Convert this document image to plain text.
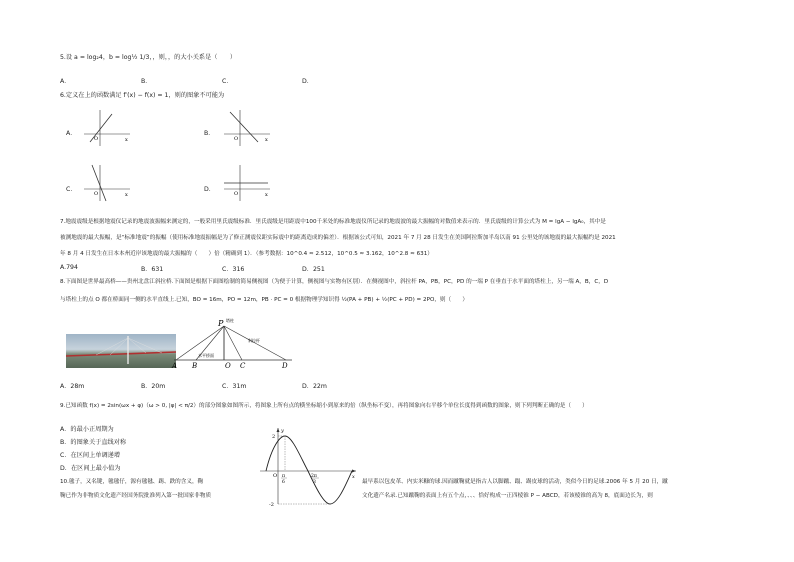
5.设 a = log₂4，b = log½ 1/3，，则，，的大小关系是（　　）
A．	B．	C．	D．
6.定义在上的函数满足 f′(x) − f(x) = 1，则的图象不可能为
A．
O	x
B．
O	x
C．
O	x
D．
O	x
7.地震震级是根据地震仪记录的地震波振幅来测定的，一般采用里氏震级标准．里氏震级是用距震中100千米处的标准地震仪所记录的地震波的最大振幅的对数值来表示的．里氏震级的计算公式为 M = lgA − lgA₀，其中是
被测地震的最大振幅，是“标准地震”的振幅（使用标准地震振幅是为了修正测震仪距实际震中的距离造成的偏差）．根据该公式可知，2021 年 7 月 28 日发生在美国阿拉斯加半岛以南 91 公里处的该地震的最大振幅约是 2021
年 8 月 4 日发生在日本本州近岸该地震的最大振幅的（　　）倍（精确到 1）．（参考数据：10^0.4 ≈ 2.512，10^0.5 ≈ 3.162，10^2.8 ≈ 631）
A.794	B．631	C．316	D．251
8.下面图是世界最高桥——贵州北盘江斜拉桥.下面图是根据下面图绘制的简易侧视图（为便于计算，侧视图与实物有区别）．在侧视图中，斜拉杆 PA，PB，PC，PD 的一端 P 在垂直于水平面的塔柱上，另一端 A，B，C，D
与塔柱上的点 O 都在桥面同一侧的水平直线上.已知，BO = 16m，PO = 12m，PB · PC = 0 根据物理学知识得 ½(PA + PB) + ½(PC + PD) = 2PO，则（　　）
P
A B	O C	D
塔柱
斜拉杆
水平桥面
A．28m	B．20m	C．31m	D．22m
9.已知函数 f(x) = 2sin(ωx + φ)（ω > 0, |φ| < π/2）的部分图象如图所示，将图象上所有点的横坐标缩小到原来的倍（纵坐标不变），再将图象向右平移个单位长度得到函数的图象，则下列判断正确的是（　　）
A．的最小正周期为
B．的图象关于直线对称
C．在区间上单调递增
D．在区间上最小值为
y
x
2
-2
O π
6
2π
3
10.毽子，又名键，毽毽仔，源有毽毽、踢、跌的含义，鞠
鞠已作为非物质文化遗产经国务院批准列入第一批国家非物质
最早系以包皮革、内实米糠的球.因而蹴鞠就是指古人以脚蹴、蹋、踢皮球的活动，类似今日的足球.2006 年 5 月 20 日，蹴
文化遗产名录.已知蹴鞠的表面上有五个点，、、、恰好构成一正四棱锥 P − ABCD，若该棱锥的高为 8，底面边长为，则
